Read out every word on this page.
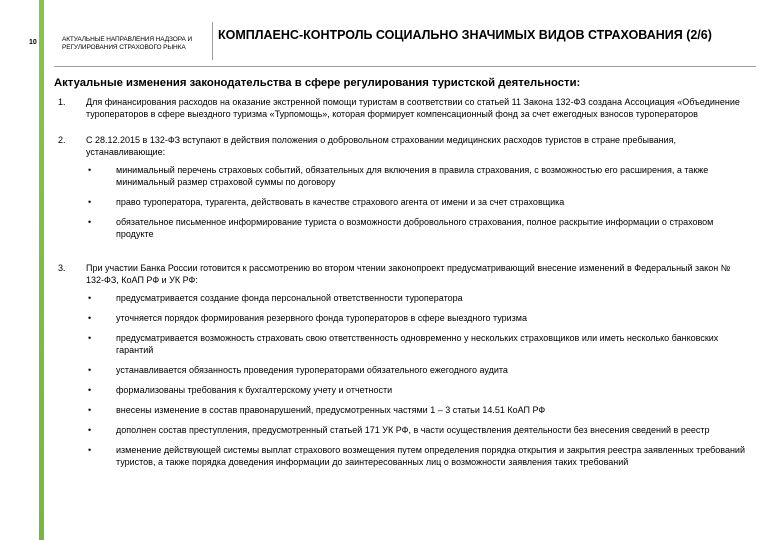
10	АКТУАЛЬНЫЕ НАПРАВЛЕНИЯ НАДЗОРА И РЕГУЛИРОВАНИЯ СТРАХОВОГО РЫНКА
КОМПЛАЕНС-КОНТРОЛЬ СОЦИАЛЬНО ЗНАЧИМЫХ ВИДОВ СТРАХОВАНИЯ (2/6)
Актуальные изменения законодательства в сфере регулирования туристской деятельности:
1.	Для финансирования расходов на оказание экстренной помощи туристам в соответствии со статьей 11 Закона 132-ФЗ создана Ассоциация «Объединение туроператоров в сфере выездного туризма «Турпомощь», которая формирует компенсационный фонд за счет ежегодных взносов туроператоров
2.	С 28.12.2015 в 132-ФЗ вступают в действия положения о добровольном страховании медицинских расходов туристов в стране пребывания, устанавливающие:
•	минимальный перечень страховых событий, обязательных для включения в правила страхования, с возможностью его расширения, а также минимальный размер страховой суммы по договору
•	право туроператора, турагента, действовать в качестве страхового агента от имени и за счет страховщика
•	обязательное письменное информирование туриста о возможности добровольного страхования, полное раскрытие информации о страховом продукте
3.	При участии Банка России готовится к рассмотрению во втором чтении законопроект предусматривающий внесение изменений в Федеральный закон № 132-ФЗ, КоАП РФ и УК РФ:
•	предусматривается создание фонда персональной ответственности туроператора
•	уточняется порядок формирования резервного фонда туроператоров в сфере выездного туризма
•	предусматривается возможность страховать свою ответственность одновременно у нескольких страховщиков или иметь несколько банковских гарантий
•	устанавливается обязанность проведения туроператорами обязательного ежегодного аудита
•	формализованы требования к бухгалтерскому учету и отчетности
•	внесены изменение в состав правонарушений, предусмотренных частями 1 – 3 статьи 14.51 КоАП РФ
•	дополнен состав преступления, предусмотренный статьей 171 УК РФ, в части осуществления деятельности без внесения сведений в реестр
•	изменение действующей системы выплат страхового возмещения путем определения порядка открытия и закрытия реестра заявленных требований туристов, а также порядка доведения информации до заинтересованных лиц о возможности заявления таких требований
